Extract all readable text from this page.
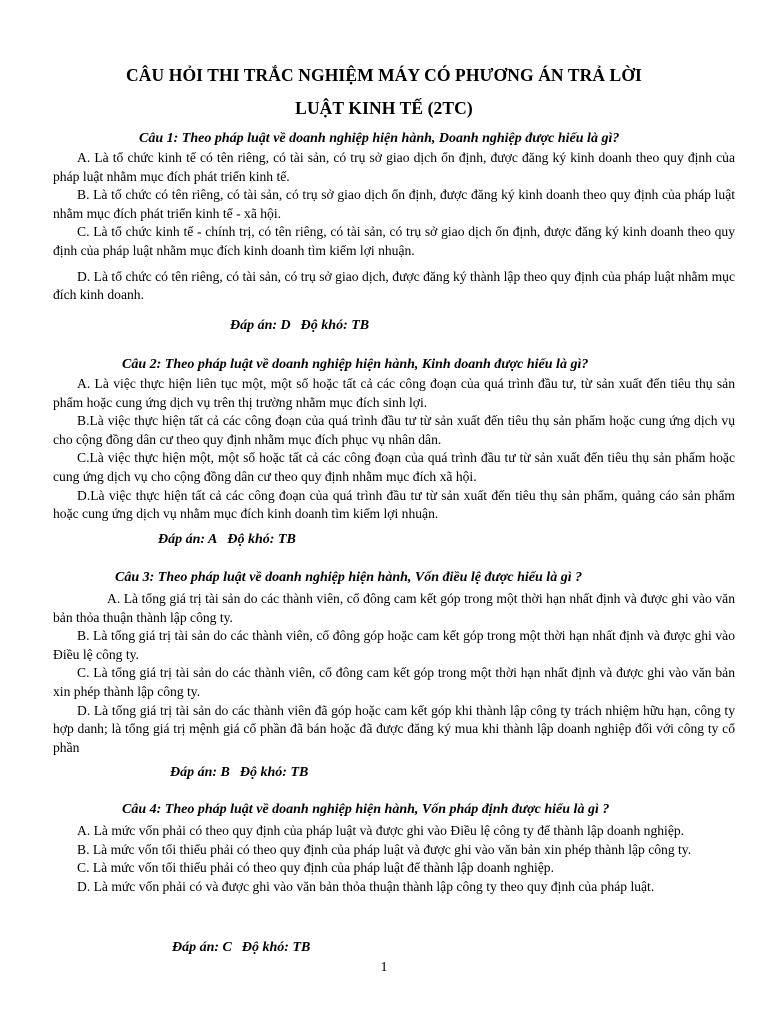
CÂU HỎI THI TRẮC NGHIỆM MÁY CÓ PHƯƠNG ÁN TRẢ LỜI
LUẬT KINH TẾ (2TC)
Câu 1: Theo pháp luật về doanh nghiệp hiện hành, Doanh nghiệp được hiểu là gì?

A. Là tổ chức kinh tế có tên riêng, có tài sản, có trụ sở giao dịch ổn định, được đăng ký kinh doanh theo quy định của pháp luật nhằm mục đích phát triển kinh tế.

B. Là tổ chức có tên riêng, có tài sản, có trụ sở giao dịch ổn định, được đăng ký kinh doanh theo quy định của pháp luật nhằm mục đích phát triển kinh tế - xã hội.

C. Là tổ chức kinh tế - chính trị, có tên riêng, có tài sản, có trụ sở giao dịch ổn định, được đăng ký kinh doanh theo quy định của pháp luật nhằm mục đích kinh doanh tìm kiếm lợi nhuận.

D. Là tổ chức có tên riêng, có tài sản, có trụ sở giao dịch, được đăng ký thành lập theo quy định của pháp luật nhằm mục đích kinh doanh.

Đáp án: D Độ khó: TB
Câu 2: Theo pháp luật về doanh nghiệp hiện hành, Kinh doanh được hiểu là gì?

A. Là việc thực hiện liên tục một, một số hoặc tất cả các công đoạn của quá trình đầu tư, từ sản xuất đến tiêu thụ sản phẩm hoặc cung ứng dịch vụ trên thị trường nhằm mục đích sinh lợi.

B.Là việc thực hiện tất cả các công đoạn của quá trình đầu tư từ sản xuất đến tiêu thụ sản phẩm hoặc cung ứng dịch vụ cho cộng đồng dân cư theo quy định nhằm mục đích phục vụ nhân dân.

C.Là việc thực hiện một, một số hoặc tất cả các công đoạn của quá trình đầu tư từ sản xuất đến tiêu thụ sản phẩm hoặc cung ứng dịch vụ cho cộng đồng dân cư theo quy định nhằm mục đích xã hội.

D.Là việc thực hiện tất cả các công đoạn của quá trình đầu tư từ sản xuất đến tiêu thụ sản phẩm, quảng cáo sản phẩm hoặc cung ứng dịch vụ nhằm mục đích kinh doanh tìm kiếm lợi nhuận.

Đáp án: A Độ khó: TB
Câu 3: Theo pháp luật về doanh nghiệp hiện hành, Vốn điều lệ được hiểu là gì ?

A. Là tổng giá trị tài sản do các thành viên, cổ đông cam kết góp trong một thời hạn nhất định và được ghi vào văn bản thỏa thuận thành lập công ty.

B. Là tổng giá trị tài sản do các thành viên, cổ đông góp hoặc cam kết góp trong một thời hạn nhất định và được ghi vào Điều lệ công ty.

C. Là tổng giá trị tài sản do các thành viên, cổ đông cam kết góp trong một thời hạn nhất định và được ghi vào văn bản xin phép thành lập công ty.

D. Là tổng giá trị tài sản do các thành viên đã góp hoặc cam kết góp khi thành lập công ty trách nhiệm hữu hạn, công ty hợp danh; là tổng giá trị mệnh giá cổ phần đã bán hoặc đã được đăng ký mua khi thành lập doanh nghiệp đối với công ty cổ phần

Đáp án: B Độ khó: TB
Câu 4: Theo pháp luật về doanh nghiệp hiện hành, Vốn pháp định được hiểu là gì ?

A. Là mức vốn phải có theo quy định của pháp luật và được ghi vào Điều lệ công ty để thành lập doanh nghiệp.

B. Là mức vốn tối thiểu phải có theo quy định của pháp luật và được ghi vào văn bản xin phép thành lập công ty.

C. Là mức vốn tối thiểu phải có theo quy định của pháp luật để thành lập doanh nghiệp.

D. Là mức vốn phải có và được ghi vào văn bản thỏa thuận thành lập công ty theo quy định của pháp luật.

Đáp án: C Độ khó: TB
1
